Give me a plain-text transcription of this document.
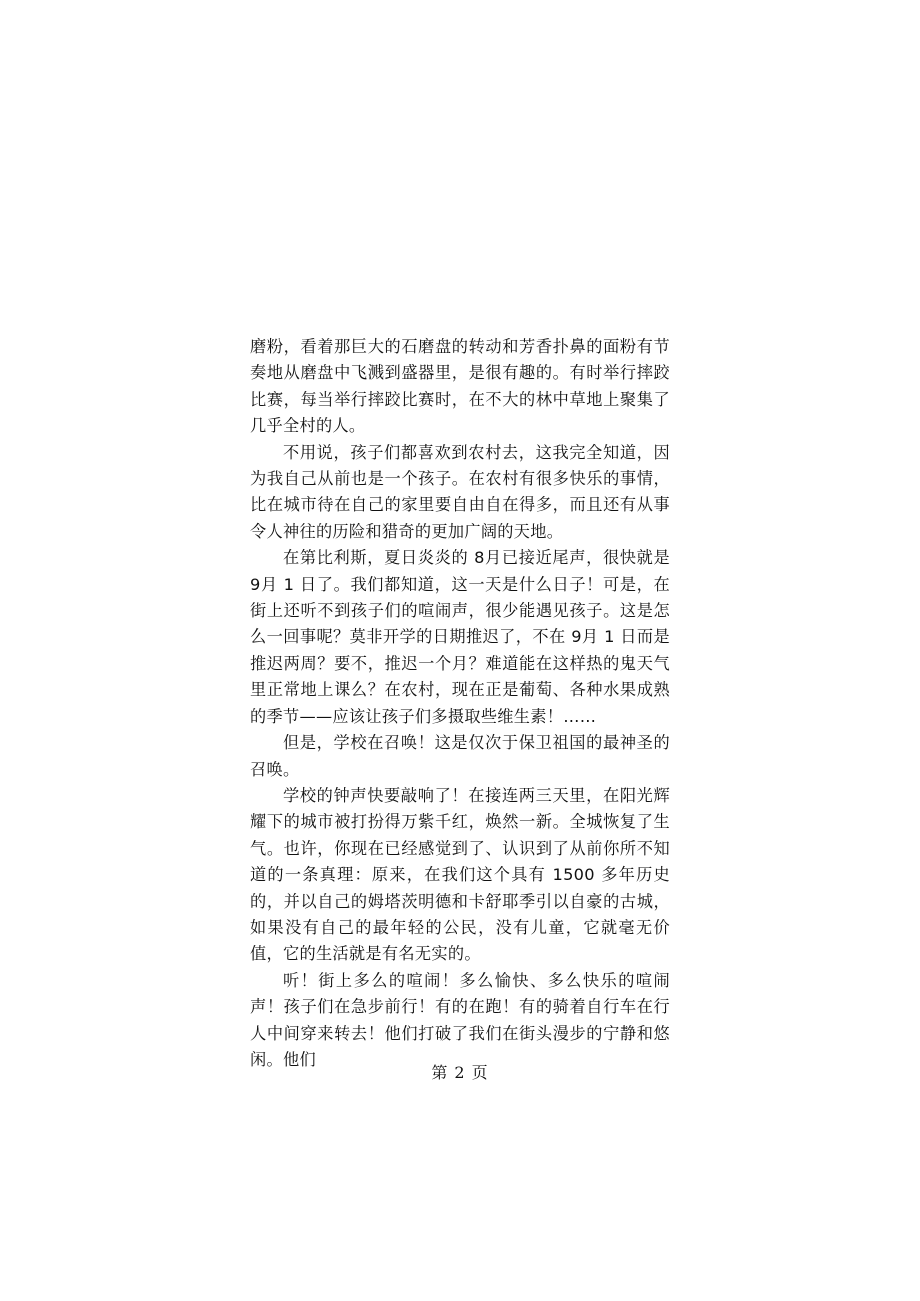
磨粉，看着那巨大的石磨盘的转动和芳香扑鼻的面粉有节奏地从磨盘中飞溅到盛器里，是很有趣的。有时举行摔跤比赛，每当举行摔跤比赛时，在不大的林中草地上聚集了几乎全村的人。

不用说，孩子们都喜欢到农村去，这我完全知道，因为我自己从前也是一个孩子。在农村有很多快乐的事情，比在城市待在自己的家里要自由自在得多，而且还有从事令人神往的历险和猎奇的更加广阔的天地。

在第比利斯，夏日炎炎的 8月已接近尾声，很快就是 9月 1 日了。我们都知道，这一天是什么日子！可是，在街上还听不到孩子们的喧闹声，很少能遇见孩子。这是怎么一回事呢？莫非开学的日期推迟了，不在 9月 1 日而是推迟两周？要不，推迟一个月？难道能在这样热的鬼天气里正常地上课么？在农村，现在正是葡萄、各种水果成熟的季节——应该让孩子们多摄取些维生素！……

但是，学校在召唤！这是仅次于保卫祖国的最神圣的召唤。

学校的钟声快要敲响了！在接连两三天里，在阳光辉耀下的城市被打扮得万紫千红，焕然一新。全城恢复了生气。也许，你现在已经感觉到了、认识到了从前你所不知道的一条真理：原来，在我们这个具有 1500 多年历史的，并以自己的姆塔茨明德和卡舒耶季引以自豪的古城，如果没有自己的最年轻的公民，没有儿童，它就毫无价值，它的生活就是有名无实的。

听！街上多么的喧闹！多么愉快、多么快乐的喧闹声！孩子们在急步前行！有的在跑！有的骑着自行车在行人中间穿来转去！他们打破了我们在街头漫步的宁静和悠闲。他们

第 2 页
